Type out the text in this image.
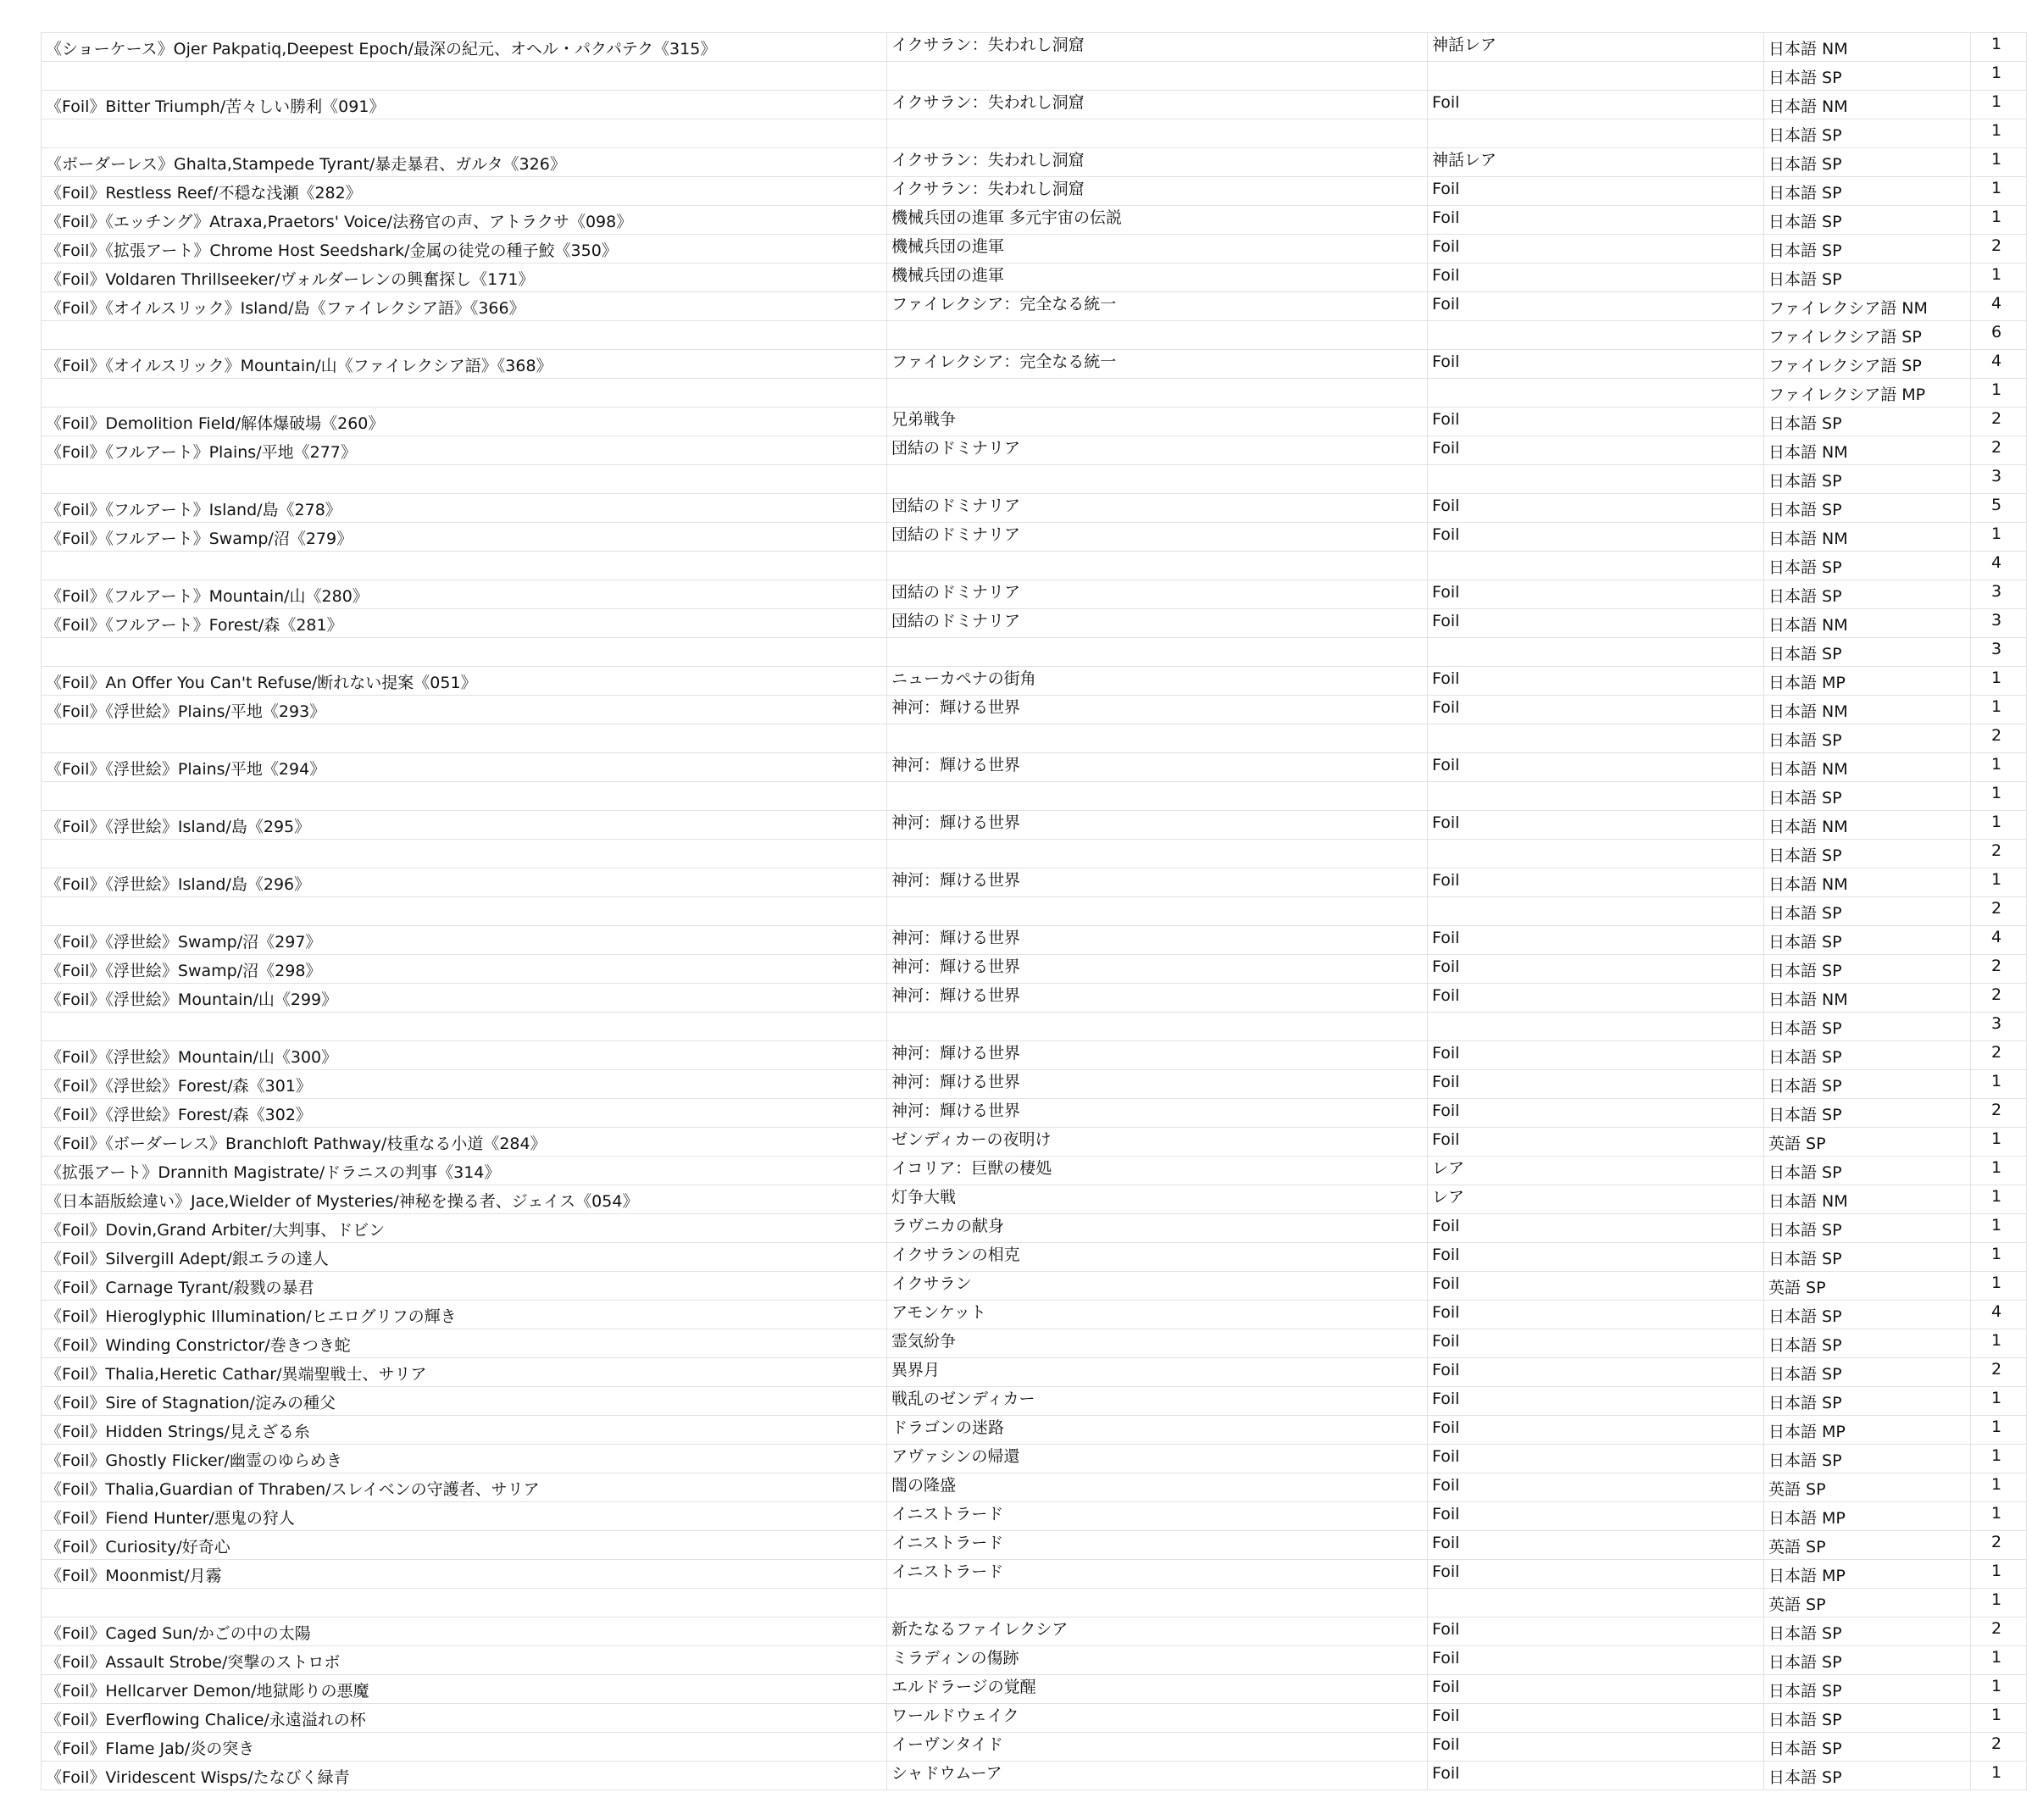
《ショーケース》Ojer Pakpatiq,Deepest Epoch/最深の紀元、オヘル・パクパテク《315》	イクサラン：失われし洞窟	神話レア	日本語 NM	1
			日本語 SP	1
《Foil》Bitter Triumph/苦々しい勝利《091》	イクサラン：失われし洞窟	Foil	日本語 NM	1
			日本語 SP	1
《ボーダーレス》Ghalta,Stampede Tyrant/暴走暴君、ガルタ《326》	イクサラン：失われし洞窟	神話レア	日本語 SP	1
《Foil》Restless Reef/不穏な浅瀬《282》	イクサラン：失われし洞窟	Foil	日本語 SP	1
《Foil》《エッチング》Atraxa,Praetors' Voice/法務官の声、アトラクサ《098》	機械兵団の進軍 多元宇宙の伝説	Foil	日本語 SP	1
《Foil》《拡張アート》Chrome Host Seedshark/金属の徒党の種子鮫《350》	機械兵団の進軍	Foil	日本語 SP	2
《Foil》Voldaren Thrillseeker/ヴォルダーレンの興奮探し《171》	機械兵団の進軍	Foil	日本語 SP	1
《Foil》《オイルスリック》Island/島《ファイレクシア語》《366》	ファイレクシア：完全なる統一	Foil	ファイレクシア語 NM	4
			ファイレクシア語 SP	6
《Foil》《オイルスリック》Mountain/山《ファイレクシア語》《368》	ファイレクシア：完全なる統一	Foil	ファイレクシア語 SP	4
			ファイレクシア語 MP	1
《Foil》Demolition Field/解体爆破場《260》	兄弟戦争	Foil	日本語 SP	2
《Foil》《フルアート》Plains/平地《277》	団結のドミナリア	Foil	日本語 NM	2
			日本語 SP	3
《Foil》《フルアート》Island/島《278》	団結のドミナリア	Foil	日本語 SP	5
《Foil》《フルアート》Swamp/沼《279》	団結のドミナリア	Foil	日本語 NM	1
			日本語 SP	4
《Foil》《フルアート》Mountain/山《280》	団結のドミナリア	Foil	日本語 SP	3
《Foil》《フルアート》Forest/森《281》	団結のドミナリア	Foil	日本語 NM	3
			日本語 SP	3
《Foil》An Offer You Can't Refuse/断れない提案《051》	ニューカペナの街角	Foil	日本語 MP	1
《Foil》《浮世絵》Plains/平地《293》	神河：輝ける世界	Foil	日本語 NM	1
			日本語 SP	2
《Foil》《浮世絵》Plains/平地《294》	神河：輝ける世界	Foil	日本語 NM	1
			日本語 SP	1
《Foil》《浮世絵》Island/島《295》	神河：輝ける世界	Foil	日本語 NM	1
			日本語 SP	2
《Foil》《浮世絵》Island/島《296》	神河：輝ける世界	Foil	日本語 NM	1
			日本語 SP	2
《Foil》《浮世絵》Swamp/沼《297》	神河：輝ける世界	Foil	日本語 SP	4
《Foil》《浮世絵》Swamp/沼《298》	神河：輝ける世界	Foil	日本語 SP	2
《Foil》《浮世絵》Mountain/山《299》	神河：輝ける世界	Foil	日本語 NM	2
			日本語 SP	3
《Foil》《浮世絵》Mountain/山《300》	神河：輝ける世界	Foil	日本語 SP	2
《Foil》《浮世絵》Forest/森《301》	神河：輝ける世界	Foil	日本語 SP	1
《Foil》《浮世絵》Forest/森《302》	神河：輝ける世界	Foil	日本語 SP	2
《Foil》《ボーダーレス》Branchloft Pathway/枝重なる小道《284》	ゼンディカーの夜明け	Foil	英語 SP	1
《拡張アート》Drannith Magistrate/ドラニスの判事《314》	イコリア：巨獣の棲処	レア	日本語 SP	1
《日本語版絵違い》Jace,Wielder of Mysteries/神秘を操る者、ジェイス《054》	灯争大戦	レア	日本語 NM	1
《Foil》Dovin,Grand Arbiter/大判事、ドビン	ラヴニカの献身	Foil	日本語 SP	1
《Foil》Silvergill Adept/銀エラの達人	イクサランの相克	Foil	日本語 SP	1
《Foil》Carnage Tyrant/殺戮の暴君	イクサラン	Foil	英語 SP	1
《Foil》Hieroglyphic Illumination/ヒエログリフの輝き	アモンケット	Foil	日本語 SP	4
《Foil》Winding Constrictor/巻きつき蛇	霊気紛争	Foil	日本語 SP	1
《Foil》Thalia,Heretic Cathar/異端聖戦士、サリア	異界月	Foil	日本語 SP	2
《Foil》Sire of Stagnation/淀みの種父	戦乱のゼンディカー	Foil	日本語 SP	1
《Foil》Hidden Strings/見えざる糸	ドラゴンの迷路	Foil	日本語 MP	1
《Foil》Ghostly Flicker/幽霊のゆらめき	アヴァシンの帰還	Foil	日本語 SP	1
《Foil》Thalia,Guardian of Thraben/スレイベンの守護者、サリア	闇の隆盛	Foil	英語 SP	1
《Foil》Fiend Hunter/悪鬼の狩人	イニストラード	Foil	日本語 MP	1
《Foil》Curiosity/好奇心	イニストラード	Foil	英語 SP	2
《Foil》Moonmist/月霧	イニストラード	Foil	日本語 MP	1
			英語 SP	1
《Foil》Caged Sun/かごの中の太陽	新たなるファイレクシア	Foil	日本語 SP	2
《Foil》Assault Strobe/突撃のストロボ	ミラディンの傷跡	Foil	日本語 SP	1
《Foil》Hellcarver Demon/地獄彫りの悪魔	エルドラージの覚醒	Foil	日本語 SP	1
《Foil》Everflowing Chalice/永遠溢れの杯	ワールドウェイク	Foil	日本語 SP	1
《Foil》Flame Jab/炎の突き	イーヴンタイド	Foil	日本語 SP	2
《Foil》Viridescent Wisps/たなびく緑青	シャドウムーア	Foil	日本語 SP	1
